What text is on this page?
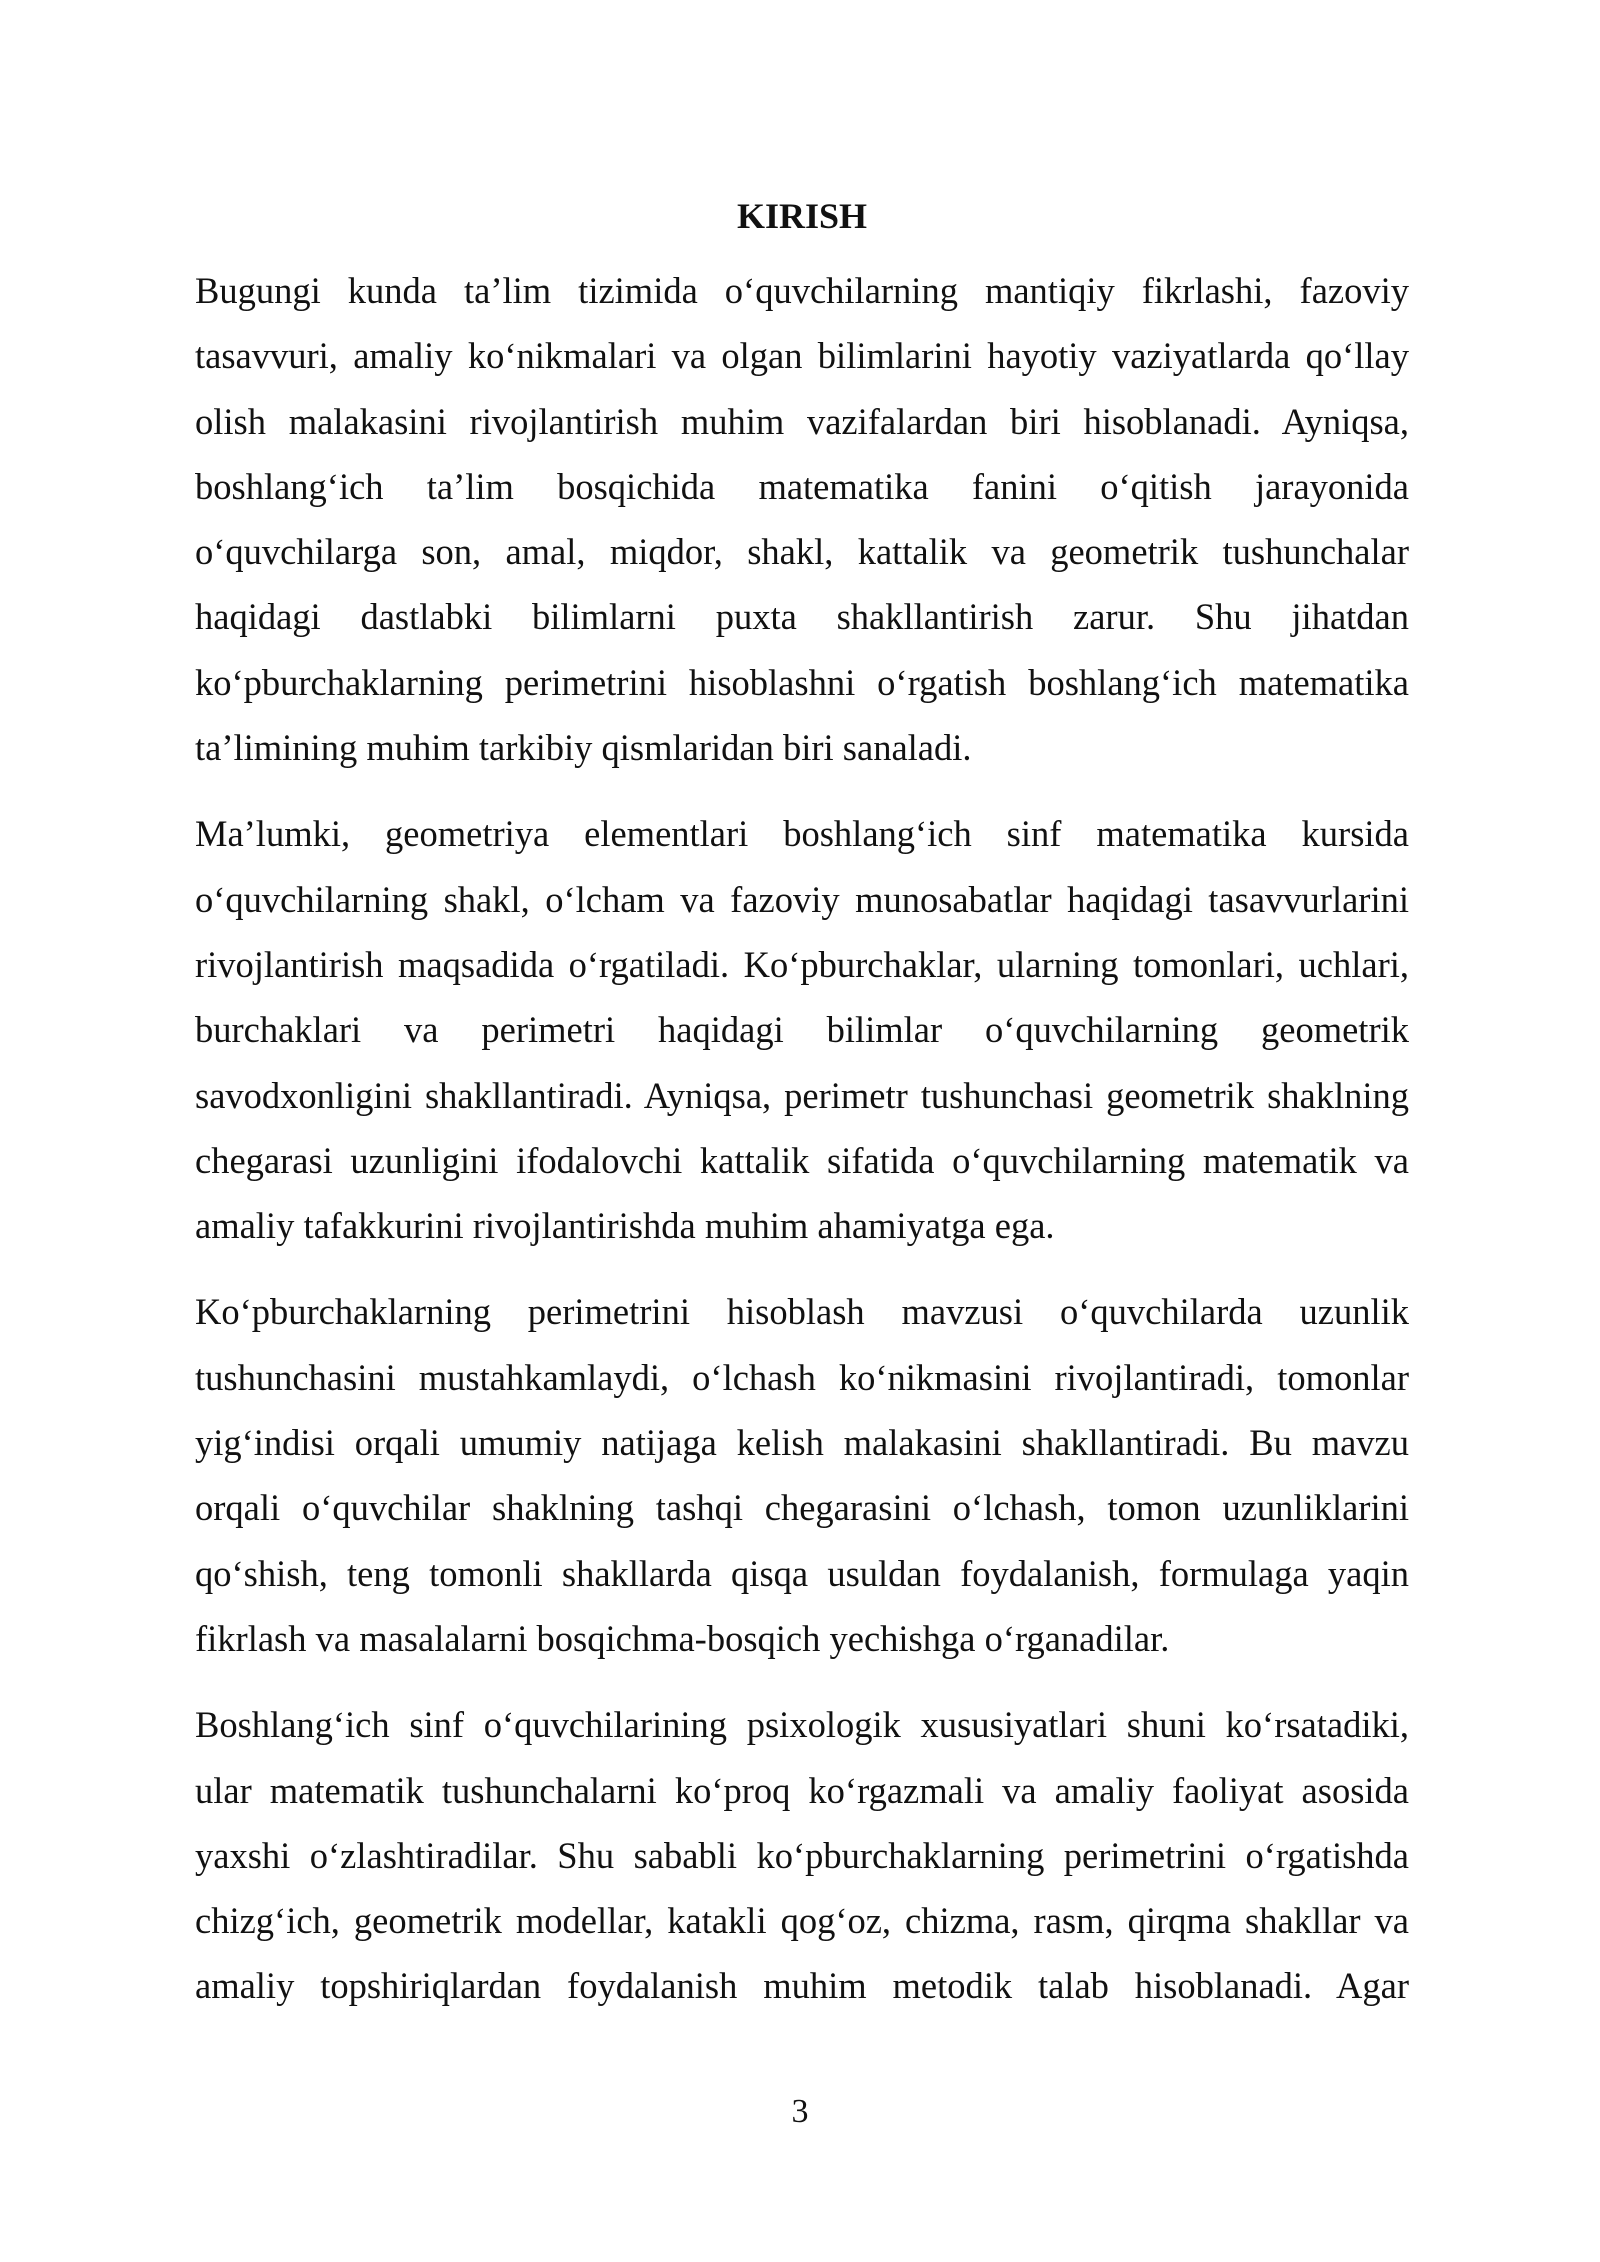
KIRISH

Bugungi kunda ta’lim tizimida o‘quvchilarning mantiqiy fikrlashi, fazoviy tasavvuri, amaliy ko‘nikmalari va olgan bilimlarini hayotiy vaziyatlarda qo‘llay olish malakasini rivojlantirish muhim vazifalardan biri hisoblanadi. Ayniqsa, boshlang‘ich ta’lim bosqichida matematika fanini o‘qitish jarayonida o‘quvchilarga son, amal, miqdor, shakl, kattalik va geometrik tushunchalar haqidagi dastlabki bilimlarni puxta shakllantirish zarur. Shu jihatdan ko‘pburchaklarning perimetrini hisoblashni o‘rgatish boshlang‘ich matematika ta’limining muhim tarkibiy qismlaridan biri sanaladi.

Ma’lumki, geometriya elementlari boshlang‘ich sinf matematika kursida o‘quvchilarning shakl, o‘lcham va fazoviy munosabatlar haqidagi tasavvurlarini rivojlantirish maqsadida o‘rgatiladi. Ko‘pburchaklar, ularning tomonlari, uchlari, burchaklari va perimetri haqidagi bilimlar o‘quvchilarning geometrik savodxonligini shakllantiradi. Ayniqsa, perimetr tushunchasi geometrik shaklning chegarasi uzunligini ifodalovchi kattalik sifatida o‘quvchilarning matematik va amaliy tafakkurini rivojlantirishda muhim ahamiyatga ega.

Ko‘pburchaklarning perimetrini hisoblash mavzusi o‘quvchilarda uzunlik tushunchasini mustahkamlaydi, o‘lchash ko‘nikmasini rivojlantiradi, tomonlar yig‘indisi orqali umumiy natijaga kelish malakasini shakllantiradi. Bu mavzu orqali o‘quvchilar shaklning tashqi chegarasini o‘lchash, tomon uzunliklarini qo‘shish, teng tomonli shakllarda qisqa usuldan foydalanish, formulaga yaqin fikrlash va masalalarni bosqichma-bosqich yechishga o‘rganadilar.

Boshlang‘ich sinf o‘quvchilarining psixologik xususiyatlari shuni ko‘rsatadiki, ular matematik tushunchalarni ko‘proq ko‘rgazmali va amaliy faoliyat asosida yaxshi o‘zlashtiradilar. Shu sababli ko‘pburchaklarning perimetrini o‘rgatishda chizg‘ich, geometrik modellar, katakli qog‘oz, chizma, rasm, qirqma shakllar va amaliy topshiriqlardan foydalanish muhim metodik talab hisoblanadi. Agar

3
